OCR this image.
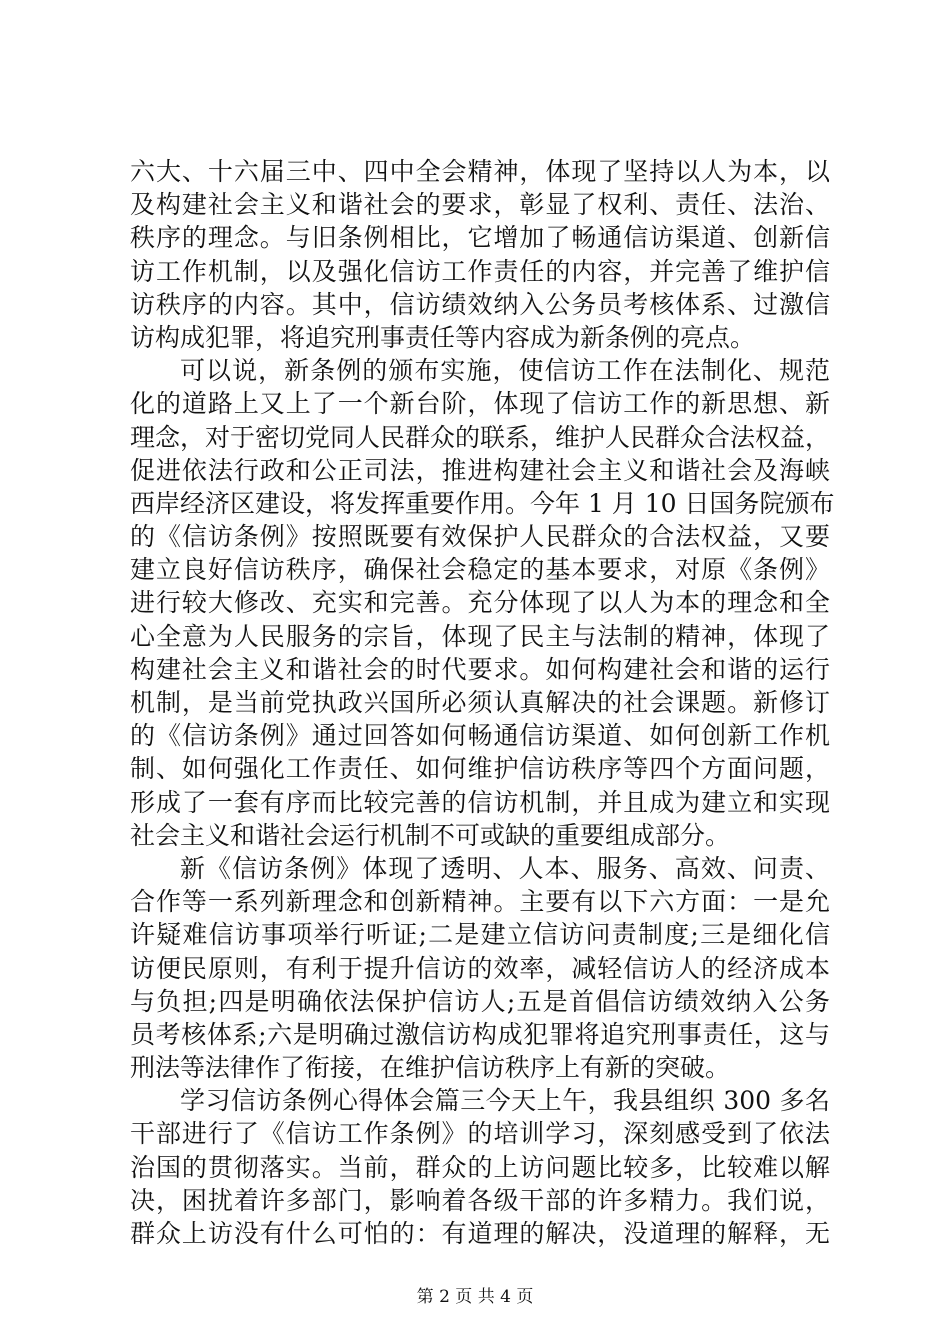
六大、十六届三中、四中全会精神，体现了坚持以人为本，以
及构建社会主义和谐社会的要求，彰显了权利、责任、法治、
秩序的理念。与旧条例相比，它增加了畅通信访渠道、创新信
访工作机制，以及强化信访工作责任的内容，并完善了维护信
访秩序的内容。其中，信访绩效纳入公务员考核体系、过激信
访构成犯罪，将追究刑事责任等内容成为新条例的亮点。
可以说，新条例的颁布实施，使信访工作在法制化、规范
化的道路上又上了一个新台阶，体现了信访工作的新思想、新
理念，对于密切党同人民群众的联系，维护人民群众合法权益，
促进依法行政和公正司法，推进构建社会主义和谐社会及海峡
西岸经济区建设，将发挥重要作用。今年 1 月 10 日国务院颁布
的《信访条例》按照既要有效保护人民群众的合法权益，又要
建立良好信访秩序，确保社会稳定的基本要求，对原《条例》
进行较大修改、充实和完善。充分体现了以人为本的理念和全
心全意为人民服务的宗旨，体现了民主与法制的精神，体现了
构建社会主义和谐社会的时代要求。如何构建社会和谐的运行
机制，是当前党执政兴国所必须认真解决的社会课题。新修订
的《信访条例》通过回答如何畅通信访渠道、如何创新工作机
制、如何强化工作责任、如何维护信访秩序等四个方面问题，
形成了一套有序而比较完善的信访机制，并且成为建立和实现
社会主义和谐社会运行机制不可或缺的重要组成部分。
新《信访条例》体现了透明、人本、服务、高效、问责、
合作等一系列新理念和创新精神。主要有以下六方面：一是允
许疑难信访事项举行听证;二是建立信访问责制度;三是细化信
访便民原则，有利于提升信访的效率，减轻信访人的经济成本
与负担;四是明确依法保护信访人;五是首倡信访绩效纳入公务
员考核体系;六是明确过激信访构成犯罪将追究刑事责任，这与
刑法等法律作了衔接，在维护信访秩序上有新的突破。
学习信访条例心得体会篇三今天上午，我县组织 300 多名
干部进行了《信访工作条例》的培训学习，深刻感受到了依法
治国的贯彻落实。当前，群众的上访问题比较多，比较难以解
决，困扰着许多部门，影响着各级干部的许多精力。我们说，
群众上访没有什么可怕的：有道理的解决，没道理的解释，无
第 2 页 共 4 页
